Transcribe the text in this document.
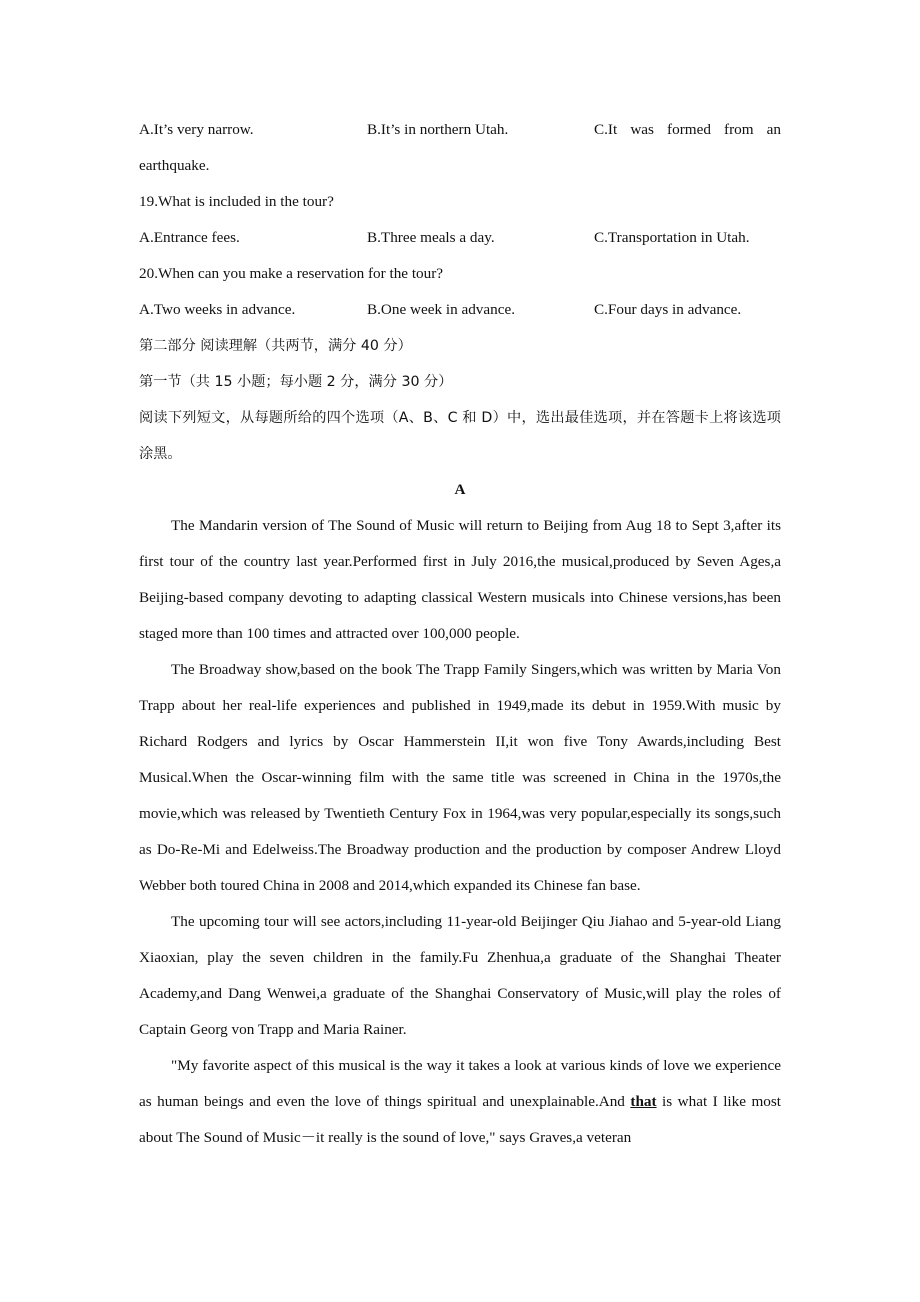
A.It’s very narrow.	B.It’s in northern Utah.	C.It was formed from an
earthquake.
19.What is included in the tour?
A.Entrance fees.	B.Three meals a day.	C.Transportation in Utah.
20.When can you make a reservation for the tour?
A.Two weeks in advance.	B.One week in advance.	C.Four days in advance.
第二部分 阅读理解（共两节，满分 40 分）
第一节（共 15 小题；每小题 2 分，满分 30 分）

阅读下列短文，从每题所给的四个选项（A、B、C 和 D）中，选出最佳选项，并在答题卡上将该选项涂黑。

A

The Mandarin version of The Sound of Music will return to Beijing from Aug 18 to Sept 3,after its first tour of the country last year.Performed first in July 2016,the musical,produced by Seven Ages,a Beijing-based company devoting to adapting classical Western musicals into Chinese versions,has been staged more than 100 times and attracted over 100,000 people.

The Broadway show,based on the book The Trapp Family Singers,which was written by Maria Von Trapp about her real-life experiences and published in 1949,made its debut in 1959.With music by Richard Rodgers and lyrics by Oscar Hammerstein II,it won five Tony Awards,including Best Musical.When the Oscar-winning film with the same title was screened in China in the 1970s,the movie,which was released by Twentieth Century Fox in 1964,was very popular,especially its songs,such as Do-Re-Mi and Edelweiss.The Broadway production and the production by composer Andrew Lloyd Webber both toured China in 2008 and 2014,which expanded its Chinese fan base.

The upcoming tour will see actors,including 11-year-old Beijinger Qiu Jiahao and 5-year-old Liang Xiaoxian, play the seven children in the family.Fu Zhenhua,a graduate of the Shanghai Theater Academy,and Dang Wenwei,a graduate of the Shanghai Conservatory of Music,will play the roles of Captain Georg von Trapp and Maria Rainer.

"My favorite aspect of this musical is the way it takes a look at various kinds of love we experience as human beings and even the love of things spiritual and unexplainable.And that is what I like most about The Sound of Music－it really is the sound of love," says Graves,a veteran
